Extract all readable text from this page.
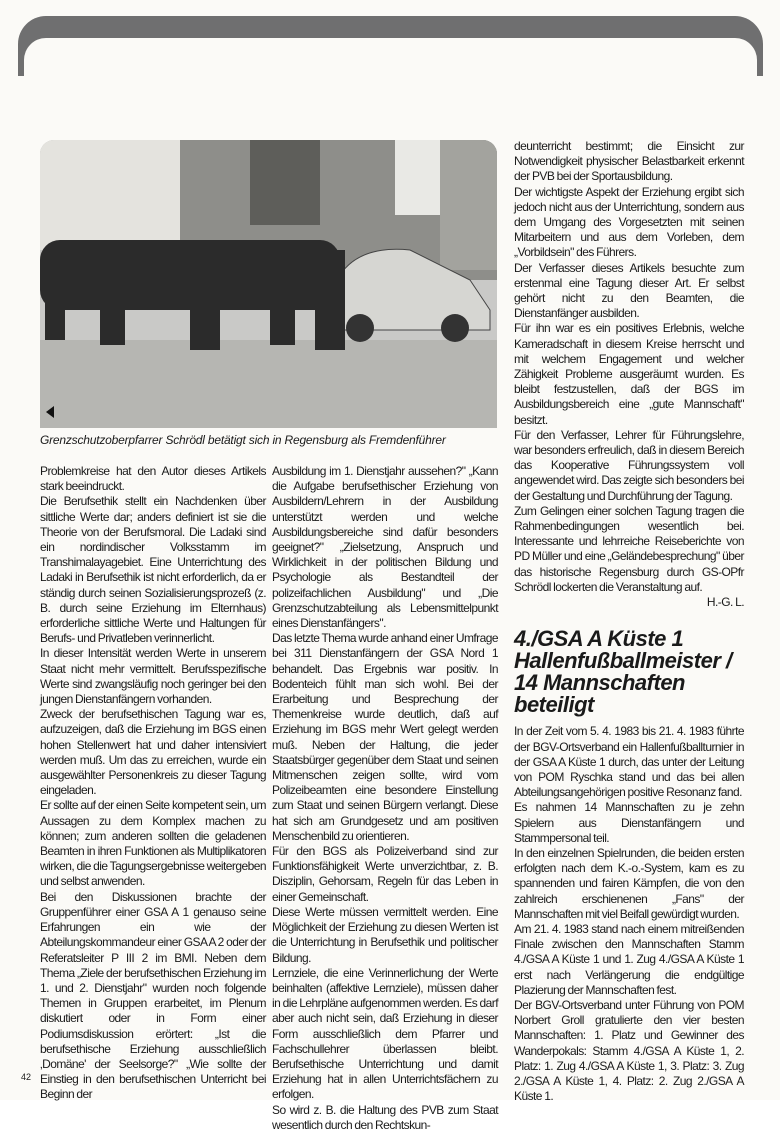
Grenzschutzoberpfarrer Schrödl betätigt sich in Regensburg als Fremdenführer

Problemkreise hat den Autor dieses Artikels stark beeindruckt.

Die Berufsethik stellt ein Nachdenken über sittliche Werte dar; anders definiert ist sie die Theorie von der Berufsmoral. Die Ladaki sind ein nordindischer Volksstamm im Transhimalayagebiet. Eine Unterrichtung des Ladaki in Berufsethik ist nicht erforderlich, da er ständig durch seinen Sozialisierungsprozeß (z. B. durch seine Erziehung im Elternhaus) erforderliche sittliche Werte und Haltungen für Berufs- und Privatleben verinnerlicht.

In dieser Intensität werden Werte in unserem Staat nicht mehr vermittelt. Berufsspezifische Werte sind zwangsläufig noch geringer bei den jungen Dienstanfängern vorhanden.

Zweck der berufsethischen Tagung war es, aufzuzeigen, daß die Erziehung im BGS einen hohen Stellenwert hat und daher intensiviert werden muß. Um das zu erreichen, wurde ein ausgewählter Personenkreis zu dieser Tagung eingeladen.

Er sollte auf der einen Seite kompetent sein, um Aussagen zu dem Komplex machen zu können; zum anderen sollten die geladenen Beamten in ihren Funktionen als Multiplikatoren wirken, die die Tagungsergebnisse weitergeben und selbst anwenden.

Bei den Diskussionen brachte der Gruppenführer einer GSA A 1 genauso seine Erfahrungen ein wie der Abteilungskommandeur einer GSA A 2 oder der Referatsleiter P III 2 im BMI. Neben dem Thema „Ziele der berufsethischen Erziehung im 1. und 2. Dienstjahr" wurden noch folgende Themen in Gruppen erarbeitet, im Plenum diskutiert oder in Form einer Podiumsdiskussion erörtert: „Ist die berufsethische Erziehung ausschließlich ‚Domäne' der Seelsorge?" „Wie sollte der Einstieg in den berufsethischen Unterricht bei Beginn der

Ausbildung im 1. Dienstjahr aussehen?" „Kann die Aufgabe berufsethischer Erziehung von Ausbildern/Lehrern in der Ausbildung unterstützt werden und welche Ausbildungsbereiche sind dafür besonders geeignet?" „Zielsetzung, Anspruch und Wirklichkeit in der politischen Bildung und Psychologie als Bestandteil der polizeifachlichen Ausbildung" und „Die Grenzschutzabteilung als Lebensmittelpunkt eines Dienstanfängers".

Das letzte Thema wurde anhand einer Umfrage bei 311 Dienstanfängern der GSA Nord 1 behandelt. Das Ergebnis war positiv. In Bodenteich fühlt man sich wohl. Bei der Erarbeitung und Besprechung der Themenkreise wurde deutlich, daß auf Erziehung im BGS mehr Wert gelegt werden muß. Neben der Haltung, die jeder Staatsbürger gegenüber dem Staat und seinen Mitmenschen zeigen sollte, wird vom Polizeibeamten eine besondere Einstellung zum Staat und seinen Bürgern verlangt. Diese hat sich am Grundgesetz und am positiven Menschenbild zu orientieren.

Für den BGS als Polizeiverband sind zur Funktionsfähigkeit Werte unverzichtbar, z. B. Disziplin, Gehorsam, Regeln für das Leben in einer Gemeinschaft.

Diese Werte müssen vermittelt werden. Eine Möglichkeit der Erziehung zu diesen Werten ist die Unterrichtung in Berufsethik und politischer Bildung.

Lernziele, die eine Verinnerlichung der Werte beinhalten (affektive Lernziele), müssen daher in die Lehrpläne aufgenommen werden. Es darf aber auch nicht sein, daß Erziehung in dieser Form ausschließlich dem Pfarrer und Fachschullehrer überlassen bleibt. Berufsethische Unterrichtung und damit Erziehung hat in allen Unterrichtsfächern zu erfolgen.

So wird z. B. die Haltung des PVB zum Staat wesentlich durch den Rechtskun-

deunterricht bestimmt; die Einsicht zur Notwendigkeit physischer Belastbarkeit erkennt der PVB bei der Sportausbildung.

Der wichtigste Aspekt der Erziehung ergibt sich jedoch nicht aus der Unterrichtung, sondern aus dem Umgang des Vorgesetzten mit seinen Mitarbeitern und aus dem Vorleben, dem „Vorbildsein" des Führers.

Der Verfasser dieses Artikels besuchte zum erstenmal eine Tagung dieser Art. Er selbst gehört nicht zu den Beamten, die Dienstanfänger ausbilden.

Für ihn war es ein positives Erlebnis, welche Kameradschaft in diesem Kreise herrscht und mit welchem Engagement und welcher Zähigkeit Probleme ausgeräumt wurden. Es bleibt festzustellen, daß der BGS im Ausbildungsbereich eine „gute Mannschaft" besitzt.

Für den Verfasser, Lehrer für Führungslehre, war besonders erfreulich, daß in diesem Bereich das Kooperative Führungssystem voll angewendet wird. Das zeigte sich besonders bei der Gestaltung und Durchführung der Tagung.

Zum Gelingen einer solchen Tagung tragen die Rahmenbedingungen wesentlich bei. Interessante und lehrreiche Reiseberichte von PD Müller und eine „Geländebesprechung" über das historische Regensburg durch GS-OPfr Schrödl lockerten die Veranstaltung auf.

H.-G. L.

4./GSA A Küste 1 Hallenfußballmeister / 14 Mannschaften beteiligt

In der Zeit vom 5. 4. 1983 bis 21. 4. 1983 führte der BGV-Ortsverband ein Hallenfußballturnier in der GSA A Küste 1 durch, das unter der Leitung von POM Ryschka stand und das bei allen Abteilungsangehörigen positive Resonanz fand.

Es nahmen 14 Mannschaften zu je zehn Spielern aus Dienstanfängern und Stammpersonal teil.

In den einzelnen Spielrunden, die beiden ersten erfolgten nach dem K.-o.-System, kam es zu spannenden und fairen Kämpfen, die von den zahlreich erschienenen „Fans" der Mannschaften mit viel Beifall gewürdigt wurden.

Am 21. 4. 1983 stand nach einem mitreißenden Finale zwischen den Mannschaften Stamm 4./GSA A Küste 1 und 1. Zug 4./GSA A Küste 1 erst nach Verlängerung die endgültige Plazierung der Mannschaften fest.

Der BGV-Ortsverband unter Führung von POM Norbert Groll gratulierte den vier besten Mannschaften: 1. Platz und Gewinner des Wanderpokals: Stamm 4./GSA A Küste 1, 2. Platz: 1. Zug 4./GSA A Küste 1, 3. Platz: 3. Zug 2./GSA A Küste 1, 4. Platz: 2. Zug 2./GSA A Küste 1.

42
